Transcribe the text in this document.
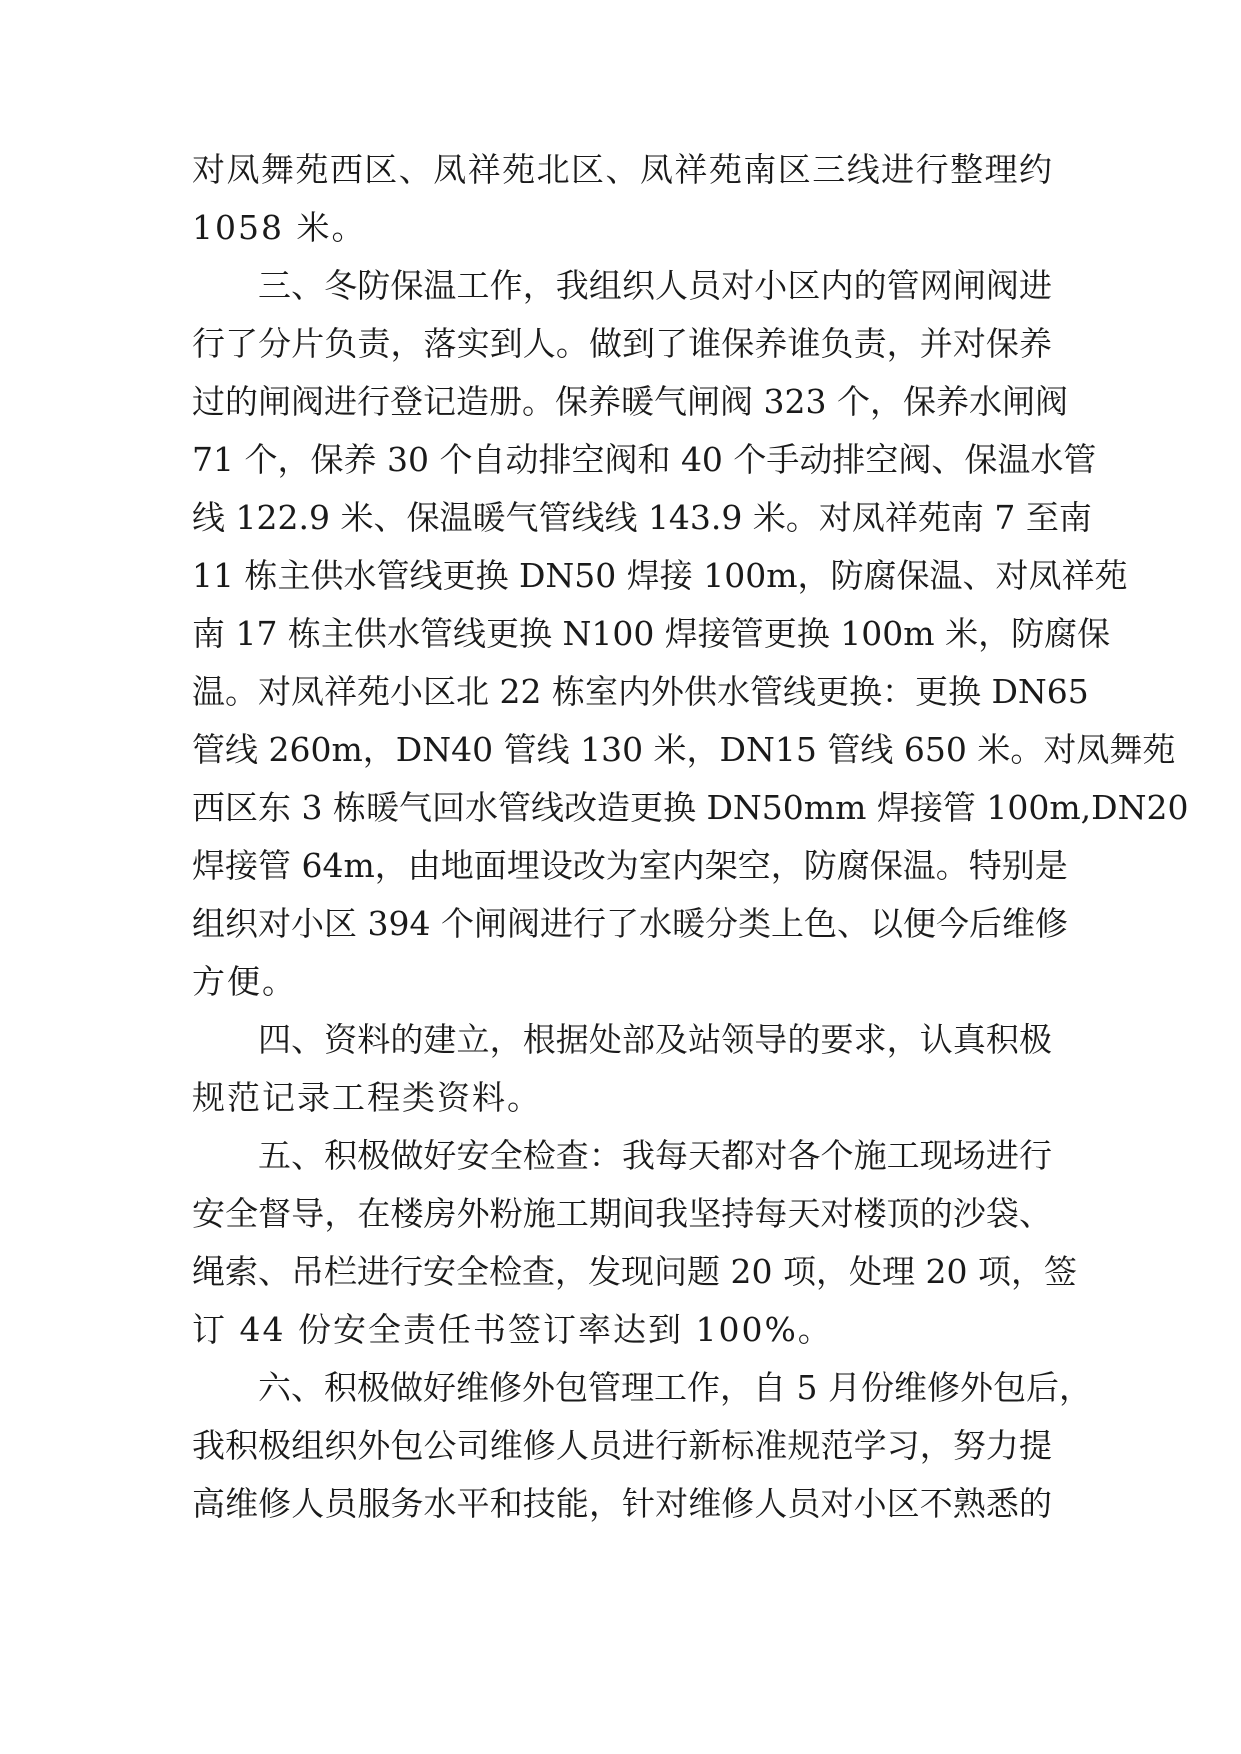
对凤舞苑西区、凤祥苑北区、凤祥苑南区三线进行整理约
1058 米。
三、冬防保温工作，我组织人员对小区内的管网闸阀进
行了分片负责，落实到人。做到了谁保养谁负责，并对保养
过的闸阀进行登记造册。保养暖气闸阀 323 个，保养水闸阀
71 个，保养 30 个自动排空阀和 40 个手动排空阀、保温水管
线 122.9 米、保温暖气管线线 143.9 米。对凤祥苑南 7 至南
11 栋主供水管线更换 DN50 焊接 100m，防腐保温、对凤祥苑
南 17 栋主供水管线更换 N100 焊接管更换 100m 米，防腐保
温。对凤祥苑小区北 22 栋室内外供水管线更换：更换 DN65
管线 260m，DN40 管线 130 米，DN15 管线 650 米。对凤舞苑
西区东 3 栋暖气回水管线改造更换 DN50mm 焊接管 100m,DN20
焊接管 64m，由地面埋设改为室内架空，防腐保温。特别是
组织对小区 394 个闸阀进行了水暖分类上色、以便今后维修
方便。
四、资料的建立，根据处部及站领导的要求，认真积极
规范记录工程类资料。
五、积极做好安全检查：我每天都对各个施工现场进行
安全督导，在楼房外粉施工期间我坚持每天对楼顶的沙袋、
绳索、吊栏进行安全检查，发现问题 20 项，处理 20 项，签
订 44 份安全责任书签订率达到 100%。
六、积极做好维修外包管理工作，自 5 月份维修外包后，
我积极组织外包公司维修人员进行新标准规范学习，努力提
高维修人员服务水平和技能，针对维修人员对小区不熟悉的
